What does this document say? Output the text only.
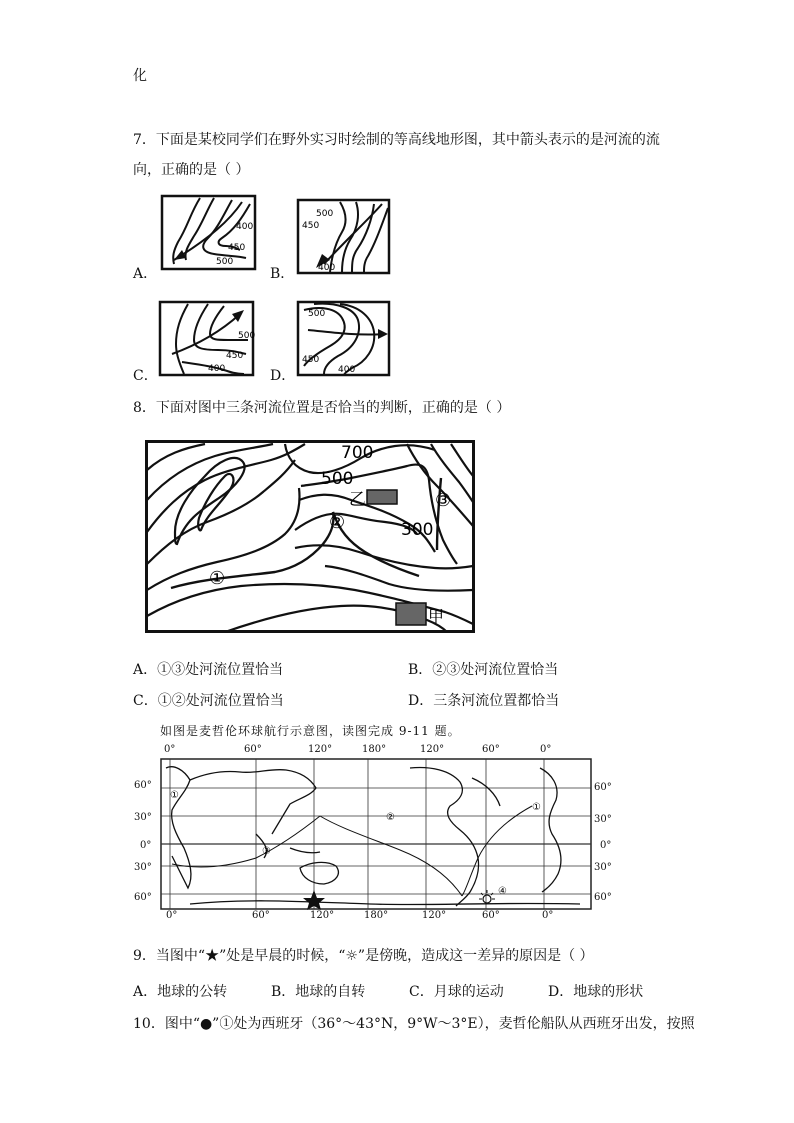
化
7．下面是某校同学们在野外实习时绘制的等高线地形图，其中箭头表示的是河流的流
向，正确的是（ ）
A．
400
450
500
B．
500
450
400
C．
500
450
400	D．
500
450
400
8．下面对图中三条河流位置是否恰当的判断，正确的是（ ）
700
500
300
乙
甲
①
②
③
A．①③处河流位置恰当	B．②③处河流位置恰当
C．①②处河流位置恰当	D．三条河流位置都恰当
如图是麦哲伦环球航行示意图，读图完成 9-11 题。
0°	60°	120°	180°	120°	60°	0°
0°	60°	120°	180°	120°	60°	0°
60°
30°
0°
30°
60°
60°
30°
0°
30°
60°
①
①
②
③
④
9．当图中“★”处是早晨的时候，“☼”是傍晚，造成这一差异的原因是（ ）
A．地球的公转	B．地球的自转	C．月球的运动	D．地球的形状
10．图中“●”①处为西班牙（36°～43°N，9°W～3°E），麦哲伦船队从西班牙出发，按照
